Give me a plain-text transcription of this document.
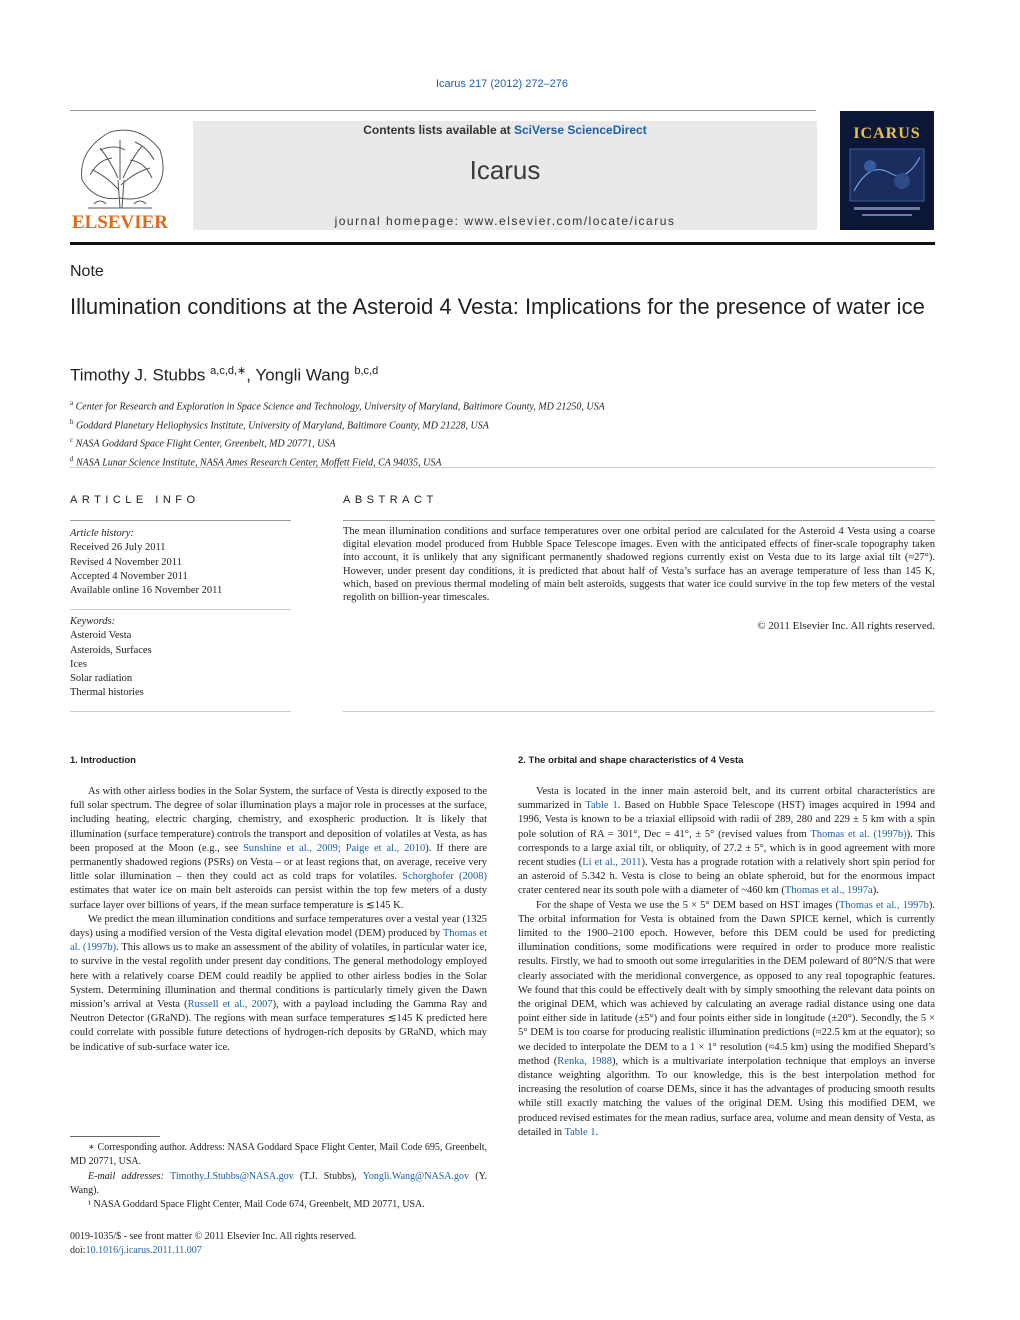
Icarus 217 (2012) 272–276
ELSEVIER
Contents lists available at SciVerse ScienceDirect
Icarus
journal homepage: www.elsevier.com/locate/icarus
ICARUS
Note
Illumination conditions at the Asteroid 4 Vesta: Implications for the presence of water ice
Timothy J. Stubbs $^{a,c,d,∗}$, Yongli Wang $^{b,c,d}$
$^a$ Center for Research and Exploration in Space Science and Technology, University of Maryland, Baltimore County, MD 21250, USA
$^b$ Goddard Planetary Heliophysics Institute, University of Maryland, Baltimore County, MD 21228, USA
$^c$ NASA Goddard Space Flight Center, Greenbelt, MD 20771, USA
$^d$ NASA Lunar Science Institute, NASA Ames Research Center, Moffett Field, CA 94035, USA
ARTICLE INFO
Article history:
Received 26 July 2011
Revised 4 November 2011
Accepted 4 November 2011
Available online 16 November 2011
Keywords:
Asteroid Vesta
Asteroids, Surfaces
Ices
Solar radiation
Thermal histories
ABSTRACT
The mean illumination conditions and surface temperatures over one orbital period are calculated for the Asteroid 4 Vesta using a coarse digital elevation model produced from Hubble Space Telescope images. Even with the anticipated effects of finer-scale topography taken into account, it is unlikely that any significant permanently shadowed regions currently exist on Vesta due to its large axial tilt (≈27°). However, under present day conditions, it is predicted that about half of Vesta’s surface has an average temperature of less than 145 K, which, based on previous thermal modeling of main belt asteroids, suggests that water ice could survive in the top few meters of the vestal regolith on billion-year timescales.
© 2011 Elsevier Inc. All rights reserved.
1. Introduction

As with other airless bodies in the Solar System, the surface of Vesta is directly exposed to the full solar spectrum. The degree of solar illumination plays a major role in processes at the surface, including heating, electric charging, chemistry, and exospheric production. It is likely that illumination (surface temperature) controls the transport and deposition of volatiles at Vesta, as has been proposed at the Moon (e.g., see Sunshine et al., 2009; Paige et al., 2010). If there are permanently shadowed regions (PSRs) on Vesta – or at least regions that, on average, receive very little solar illumination – then they could act as cold traps for volatiles. Schorghofer (2008) estimates that water ice on main belt asteroids can persist within the top few meters of a dusty surface layer over billions of years, if the mean surface temperature is ≲145 K.

We predict the mean illumination conditions and surface temperatures over a vestal year (1325 days) using a modified version of the Vesta digital elevation model (DEM) produced by Thomas et al. (1997b). This allows us to make an assessment of the ability of volatiles, in particular water ice, to survive in the vestal regolith under present day conditions. The general methodology employed here with a relatively coarse DEM could readily be applied to other airless bodies in the Solar System. Determining illumination and thermal conditions is particularly timely given the Dawn mission’s arrival at Vesta (Russell et al., 2007), with a payload including the Gamma Ray and Neutron Detector (GRaND). The regions with mean surface temperatures ≲145 K predicted here could correlate with possible future detections of hydrogen-rich deposits by GRaND, which may be indicative of sub-surface water ice.

∗ Corresponding author. Address: NASA Goddard Space Flight Center, Mail Code 695, Greenbelt, MD 20771, USA.

E-mail addresses: Timothy.J.Stubbs@NASA.gov (T.J. Stubbs), Yongli.Wang@NASA.gov (Y. Wang).

¹ NASA Goddard Space Flight Center, Mail Code 674, Greenbelt, MD 20771, USA.

0019-1035/$ - see front matter © 2011 Elsevier Inc. All rights reserved.
doi:10.1016/j.icarus.2011.11.007
2. The orbital and shape characteristics of 4 Vesta

Vesta is located in the inner main asteroid belt, and its current orbital characteristics are summarized in Table 1. Based on Hubble Space Telescope (HST) images acquired in 1994 and 1996, Vesta is known to be a triaxial ellipsoid with radii of 289, 280 and 229 ± 5 km with a spin pole solution of RA = 301°, Dec = 41°, ± 5° (revised values from Thomas et al. (1997b)). This corresponds to a large axial tilt, or obliquity, of 27.2 ± 5°, which is in good agreement with more recent studies (Li et al., 2011). Vesta has a prograde rotation with a relatively short spin period for an asteroid of 5.342 h. Vesta is close to being an oblate spheroid, but for the enormous impact crater centered near its south pole with a diameter of ~460 km (Thomas et al., 1997a).

For the shape of Vesta we use the 5 × 5° DEM based on HST images (Thomas et al., 1997b). The orbital information for Vesta is obtained from the Dawn SPICE kernel, which is currently limited to the 1900–2100 epoch. However, before this DEM could be used for predicting illumination conditions, some modifications were required in order to produce more realistic results. Firstly, we had to smooth out some irregularities in the DEM poleward of 80°N/S that were clearly associated with the meridional convergence, as opposed to any real topographic features. We found that this could be effectively dealt with by simply smoothing the relevant data points on the original DEM, which was achieved by calculating an average radial distance using one data point either side in latitude (±5°) and four points either side in longitude (±20°). Secondly, the 5 × 5° DEM is too coarse for producing realistic illumination predictions (≈22.5 km at the equator); so we decided to interpolate the DEM to a 1 × 1° resolution (≈4.5 km) using the modified Shepard’s method (Renka, 1988), which is a multivariate interpolation technique that employs an inverse distance weighting algorithm. To our knowledge, this is the best interpolation method for increasing the resolution of coarse DEMs, since it has the advantages of producing smooth results while still exactly matching the values of the original DEM. Using this modified DEM, we produced revised estimates for the mean radius, surface area, volume and mean density of Vesta, as detailed in Table 1.
